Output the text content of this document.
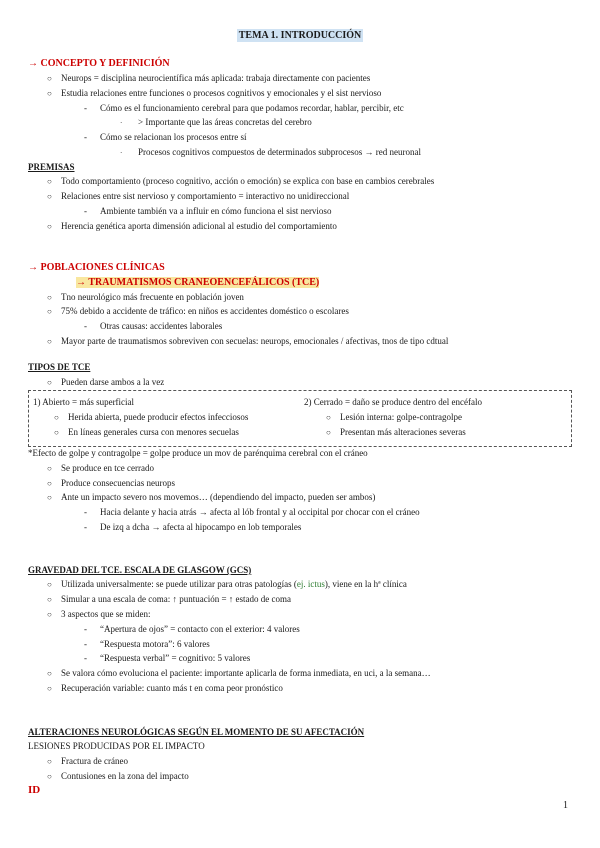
TEMA 1. INTRODUCCIÓN
→ CONCEPTO Y DEFINICIÓN
○ Neurops = disciplina neurocientífica más aplicada: trabaja directamente con pacientes
○ Estudia relaciones entre funciones o procesos cognitivos y emocionales y el sist nervioso
- Cómo es el funcionamiento cerebral para que podamos recordar, hablar, percibir, etc
· > Importante que las áreas concretas del cerebro
- Cómo se relacionan los procesos entre sí
· Procesos cognitivos compuestos de determinados subprocesos → red neuronal
PREMISAS
○ Todo comportamiento (proceso cognitivo, acción o emoción) se explica con base en cambios cerebrales
○ Relaciones entre sist nervioso y comportamiento = interactivo no unidireccional
- Ambiente también va a influir en cómo funciona el sist nervioso
○ Herencia genética aporta dimensión adicional al estudio del comportamiento
→ POBLACIONES CLÍNICAS
→ TRAUMATISMOS CRANEOENCEFÁLICOS (TCE)
○ Tno neurológico más frecuente en población joven
○ 75% debido a accidente de tráfico: en niños es accidentes doméstico o escolares
- Otras causas: accidentes laborales
○ Mayor parte de traumatismos sobreviven con secuelas: neurops, emocionales / afectivas, tnos de tipo cdtual
TIPOS DE TCE
○ Pueden darse ambos a la vez
1) Abierto = más superficial
○ Herida abierta, puede producir efectos infecciosos
○ En líneas generales cursa con menores secuelas
2) Cerrado = daño se produce dentro del encéfalo
○ Lesión interna: golpe-contragolpe
○ Presentan más alteraciones severas
*Efecto de golpe y contragolpe = golpe produce un mov de parénquima cerebral con el cráneo
○ Se produce en tce cerrado
○ Produce consecuencias neurops
○ Ante un impacto severo nos movemos… (dependiendo del impacto, pueden ser ambos)
- Hacia delante y hacia atrás → afecta al lób frontal y al occipital por chocar con el cráneo
- De izq a dcha → afecta al hipocampo en lob temporales
GRAVEDAD DEL TCE. ESCALA DE GLASGOW (GCS)
○ Utilizada universalmente: se puede utilizar para otras patologías (ej. ictus), viene en la hª clínica
○ Simular a una escala de coma: ↑ puntuación = ↑ estado de coma
○ 3 aspectos que se miden:
- “Apertura de ojos” = contacto con el exterior: 4 valores
- “Respuesta motora”: 6 valores
- “Respuesta verbal” = cognitivo: 5 valores
○ Se valora cómo evoluciona el paciente: importante aplicarla de forma inmediata, en uci, a la semana…
○ Recuperación variable: cuanto más t en coma peor pronóstico
ALTERACIONES NEUROLÓGICAS SEGÚN EL MOMENTO DE SU AFECTACIÓN
LESIONES PRODUCIDAS POR EL IMPACTO
○ Fractura de cráneo
○ Contusiones en la zona del impacto
ID
1
